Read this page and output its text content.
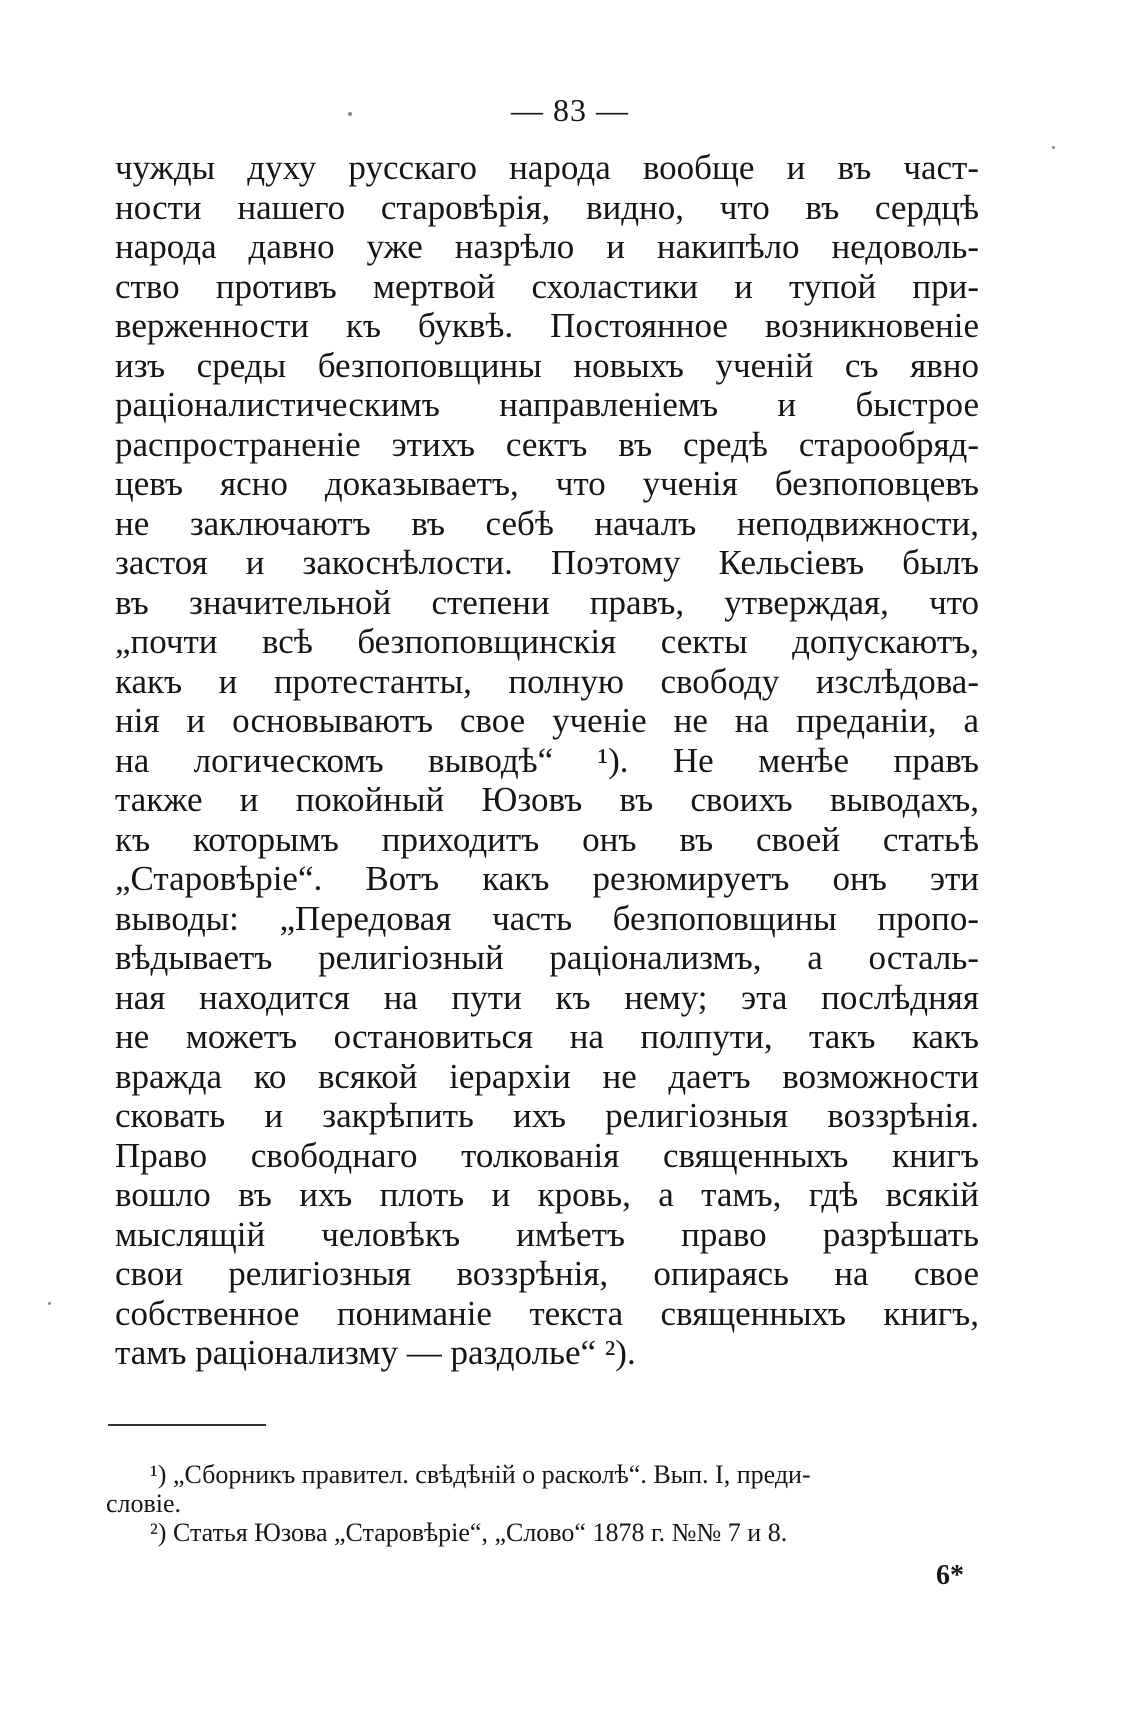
— 83 —
чужды духу русскаго народа вообще и въ част-
ности нашего старовѣрія, видно, что въ сердцѣ
народа давно уже назрѣло и накипѣло недоволь-
ство противъ мертвой схоластики и тупой при-
верженности къ буквѣ. Постоянное возникновеніе
изъ среды безпоповщины новыхъ ученій съ явно
раціоналистическимъ направленіемъ и быстрое
распространеніе этихъ сектъ въ средѣ старообряд-
цевъ ясно доказываетъ, что ученія безпоповцевъ
не заключаютъ въ себѣ началъ неподвижности,
застоя и закоснѣлости. Поэтому Кельсіевъ былъ
въ значительной степени правъ, утверждая, что
„почти всѣ безпоповщинскія секты допускаютъ,
какъ и протестанты, полную свободу изслѣдова-
нія и основываютъ свое ученіе не на преданіи, а
на логическомъ выводѣ“ ¹). Не менѣе правъ
также и покойный Юзовъ въ своихъ выводахъ,
къ которымъ приходитъ онъ въ своей статьѣ
„Старовѣріе“. Вотъ какъ резюмируетъ онъ эти
выводы: „Передовая часть безпоповщины пропо-
вѣдываетъ религіозный раціонализмъ, а осталь-
ная находится на пути къ нему; эта послѣдняя
не можетъ остановиться на полпути, такъ какъ
вражда ко всякой іерархіи не даетъ возможности
сковать и закрѣпить ихъ религіозныя воззрѣнія.
Право свободнаго толкованія священныхъ книгъ
вошло въ ихъ плоть и кровь, а тамъ, гдѣ всякій
мыслящій человѣкъ имѣетъ право разрѣшать
свои религіозныя воззрѣнія, опираясь на свое
собственное пониманіе текста священныхъ книгъ,
тамъ раціонализму — раздолье“ ²).
¹) „Сборникъ правител. свѣдѣній о расколѣ“. Вып. I, преди-
словіе.
²) Статья Юзова „Старовѣріе“, „Слово“ 1878 г. №№ 7 и 8.
6*
